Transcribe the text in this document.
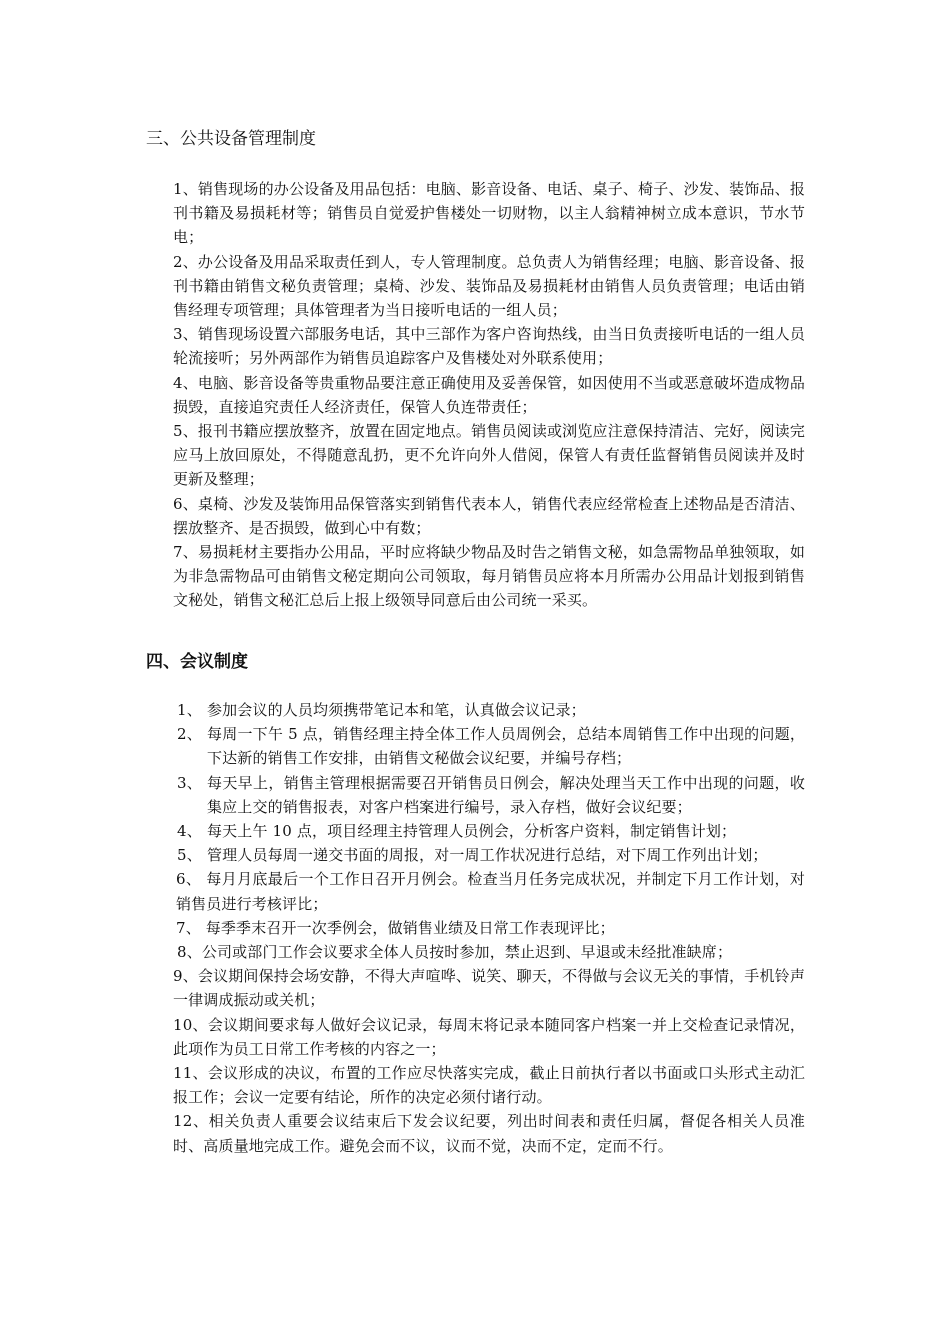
三、公共设备管理制度

1、销售现场的办公设备及用品包括：电脑、影音设备、电话、桌子、椅子、沙发、装饰品、报刊书籍及易损耗材等；销售员自觉爱护售楼处一切财物，以主人翁精神树立成本意识，节水节电；

2、办公设备及用品采取责任到人，专人管理制度。总负责人为销售经理；电脑、影音设备、报刊书籍由销售文秘负责管理；桌椅、沙发、装饰品及易损耗材由销售人员负责管理；电话由销售经理专项管理；具体管理者为当日接听电话的一组人员；

3、销售现场设置六部服务电话，其中三部作为客户咨询热线，由当日负责接听电话的一组人员轮流接听；另外两部作为销售员追踪客户及售楼处对外联系使用；

4、电脑、影音设备等贵重物品要注意正确使用及妥善保管，如因使用不当或恶意破坏造成物品损毁，直接追究责任人经济责任，保管人负连带责任；

5、报刊书籍应摆放整齐，放置在固定地点。销售员阅读或浏览应注意保持清洁、完好，阅读完应马上放回原处，不得随意乱扔，更不允许向外人借阅，保管人有责任监督销售员阅读并及时更新及整理；

6、桌椅、沙发及装饰用品保管落实到销售代表本人，销售代表应经常检查上述物品是否清洁、摆放整齐、是否损毁，做到心中有数；

7、易损耗材主要指办公用品，平时应将缺少物品及时告之销售文秘，如急需物品单独领取，如为非急需物品可由销售文秘定期向公司领取，每月销售员应将本月所需办公用品计划报到销售文秘处，销售文秘汇总后上报上级领导同意后由公司统一采买。

四、会议制度
1、 参加会议的人员均须携带笔记本和笔，认真做会议记录；
2、 每周一下午 5 点，销售经理主持全体工作人员周例会，总结本周销售工作中出现的问题，下达新的销售工作安排，由销售文秘做会议纪要，并编号存档；
3、 每天早上，销售主管理根据需要召开销售员日例会，解决处理当天工作中出现的问题，收集应上交的销售报表，对客户档案进行编号，录入存档，做好会议纪要；
4、 每天上午 10 点，项目经理主持管理人员例会，分析客户资料，制定销售计划；
5、 管理人员每周一递交书面的周报，对一周工作状况进行总结，对下周工作列出计划；

6、 每月月底最后一个工作日召开月例会。检查当月任务完成状况，并制定下月工作计划，对销售员进行考核评比；

7、 每季季末召开一次季例会，做销售业绩及日常工作表现评比；

8、公司或部门工作会议要求全体人员按时参加，禁止迟到、早退或未经批准缺席；

9、会议期间保持会场安静，不得大声喧哗、说笑、聊天，不得做与会议无关的事情，手机铃声一律调成振动或关机；

10、会议期间要求每人做好会议记录，每周末将记录本随同客户档案一并上交检查记录情况，此项作为员工日常工作考核的内容之一；

11、会议形成的决议，布置的工作应尽快落实完成，截止日前执行者以书面或口头形式主动汇报工作；会议一定要有结论，所作的决定必须付诸行动。

12、相关负责人重要会议结束后下发会议纪要，列出时间表和责任归属，督促各相关人员准时、高质量地完成工作。避免会而不议，议而不觉，决而不定，定而不行。
